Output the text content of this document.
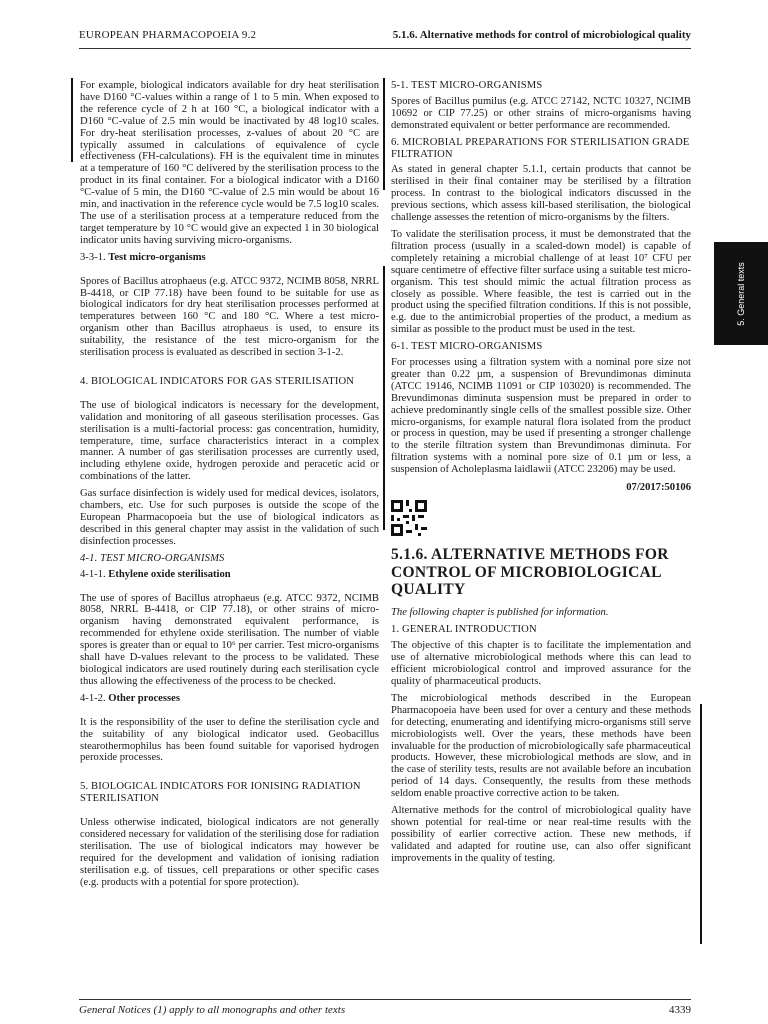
EUROPEAN PHARMACOPOEIA 9.2	5.1.6. Alternative methods for control of microbiological quality
5. General texts

For example, biological indicators available for dry heat sterilisation have D160 °C-values within a range of 1 to 5 min. When exposed to the reference cycle of 2 h at 160 °C, a biological indicator with a D160 °C-value of 2.5 min would be inactivated by 48 log10 scales. For dry-heat sterilisation processes, z-values of about 20 °C are typically assumed in calculations of equivalence of cycle effectiveness (FH-calculations). FH is the equivalent time in minutes at a temperature of 160 °C delivered by the sterilisation process to the product in its final container. For a biological indicator with a D160 °C-value of 5 min, the D160 °C-value of 2.5 min would be about 16 min, and inactivation in the reference cycle would be 7.5 log10 scales. The use of a sterilisation process at a temperature reduced from the target temperature by 10 °C would give an expected 1 in 30 biological indicator units having surviving micro-organisms.

3-3-1. Test micro-organisms

Spores of Bacillus atrophaeus (e.g. ATCC 9372, NCIMB 8058, NRRL B-4418, or CIP 77.18) have been found to be suitable for use as biological indicators for dry heat sterilisation processes performed at temperatures between 160 °C and 180 °C. Where a test micro-organism other than Bacillus atrophaeus is used, to ensure its suitability, the resistance of the test micro-organism for the sterilisation process is evaluated as described in section 3-1-2.

4. BIOLOGICAL INDICATORS FOR GAS STERILISATION

The use of biological indicators is necessary for the development, validation and monitoring of all gaseous sterilisation processes. Gas sterilisation is a multi-factorial process: gas concentration, humidity, temperature, time, surface characteristics interact in a complex manner. A number of gas sterilisation processes are currently used, including ethylene oxide, hydrogen peroxide and peracetic acid or combinations of the latter.

Gas surface disinfection is widely used for medical devices, isolators, chambers, etc. Use for such purposes is outside the scope of the European Pharmacopoeia but the use of biological indicators as described in this general chapter may assist in the validation of such disinfection processes.

4-1. TEST MICRO-ORGANISMS
4-1-1. Ethylene oxide sterilisation

The use of spores of Bacillus atrophaeus (e.g. ATCC 9372, NCIMB 8058, NRRL B-4418, or CIP 77.18), or other strains of micro-organism having demonstrated equivalent performance, is recommended for ethylene oxide sterilisation. The number of viable spores is greater than or equal to 10⁶ per carrier. Test micro-organisms shall have D-values relevant to the process to be validated. These biological indicators are used routinely during each sterilisation cycle thus allowing the effectiveness of the process to be checked.

4-1-2. Other processes

It is the responsibility of the user to define the sterilisation cycle and the suitability of any biological indicator used. Geobacillus stearothermophilus has been found suitable for vaporised hydrogen peroxide processes.

5. BIOLOGICAL INDICATORS FOR IONISING RADIATION STERILISATION

Unless otherwise indicated, biological indicators are not generally considered necessary for validation of the sterilising dose for radiation sterilisation. The use of biological indicators may however be required for the development and validation of ionising radiation sterilisation e.g. of tissues, cell preparations or other specific cases (e.g. products with a potential for spore protection).

5-1. TEST MICRO-ORGANISMS

Spores of Bacillus pumilus (e.g. ATCC 27142, NCTC 10327, NCIMB 10692 or CIP 77.25) or other strains of micro-organisms having demonstrated equivalent or better performance are recommended.

6. MICROBIAL PREPARATIONS FOR STERILISATION GRADE FILTRATION

As stated in general chapter 5.1.1, certain products that cannot be sterilised in their final container may be sterilised by a filtration process. In contrast to the biological indicators discussed in the previous sections, which assess kill-based sterilisation, the biological challenge assesses the retention of micro-organisms by the filters.

To validate the sterilisation process, it must be demonstrated that the filtration process (usually in a scaled-down model) is capable of completely retaining a microbial challenge of at least 10⁷ CFU per square centimetre of effective filter surface using a suitable test micro-organism. This test should mimic the actual filtration process as closely as possible. Where feasible, the test is carried out in the product using the specified filtration conditions. If this is not possible, e.g. due to the antimicrobial properties of the product, a medium as similar as possible to the product must be used in the test.

6-1. TEST MICRO-ORGANISMS

For processes using a filtration system with a nominal pore size not greater than 0.22 µm, a suspension of Brevundimonas diminuta (ATCC 19146, NCIMB 11091 or CIP 103020) is recommended. The Brevundimonas diminuta suspension must be prepared in order to achieve predominantly single cells of the smallest possible size. Other micro-organisms, for example natural flora isolated from the product or process in question, may be used if presenting a stronger challenge to the sterile filtration system than Brevundimonas diminuta. For filtration systems with a nominal pore size of 0.1 µm or less, a suspension of Acholeplasma laidlawii (ATCC 23206) may be used.

07/2017:50106
5.1.6. ALTERNATIVE METHODS FOR CONTROL OF MICROBIOLOGICAL QUALITY
The following chapter is published for information.
1. GENERAL INTRODUCTION

The objective of this chapter is to facilitate the implementation and use of alternative microbiological methods where this can lead to efficient microbiological control and improved assurance for the quality of pharmaceutical products.

The microbiological methods described in the European Pharmacopoeia have been used for over a century and these methods for detecting, enumerating and identifying micro-organisms still serve microbiologists well. Over the years, these methods have been invaluable for the production of microbiologically safe pharmaceutical products. However, these microbiological methods are slow, and in the case of sterility tests, results are not available before an incubation period of 14 days. Consequently, the results from these methods seldom enable proactive corrective action to be taken.

Alternative methods for the control of microbiological quality have shown potential for real-time or near real-time results with the possibility of earlier corrective action. These new methods, if validated and adapted for routine use, can also offer significant improvements in the quality of testing.

General Notices (1) apply to all monographs and other texts	4339
